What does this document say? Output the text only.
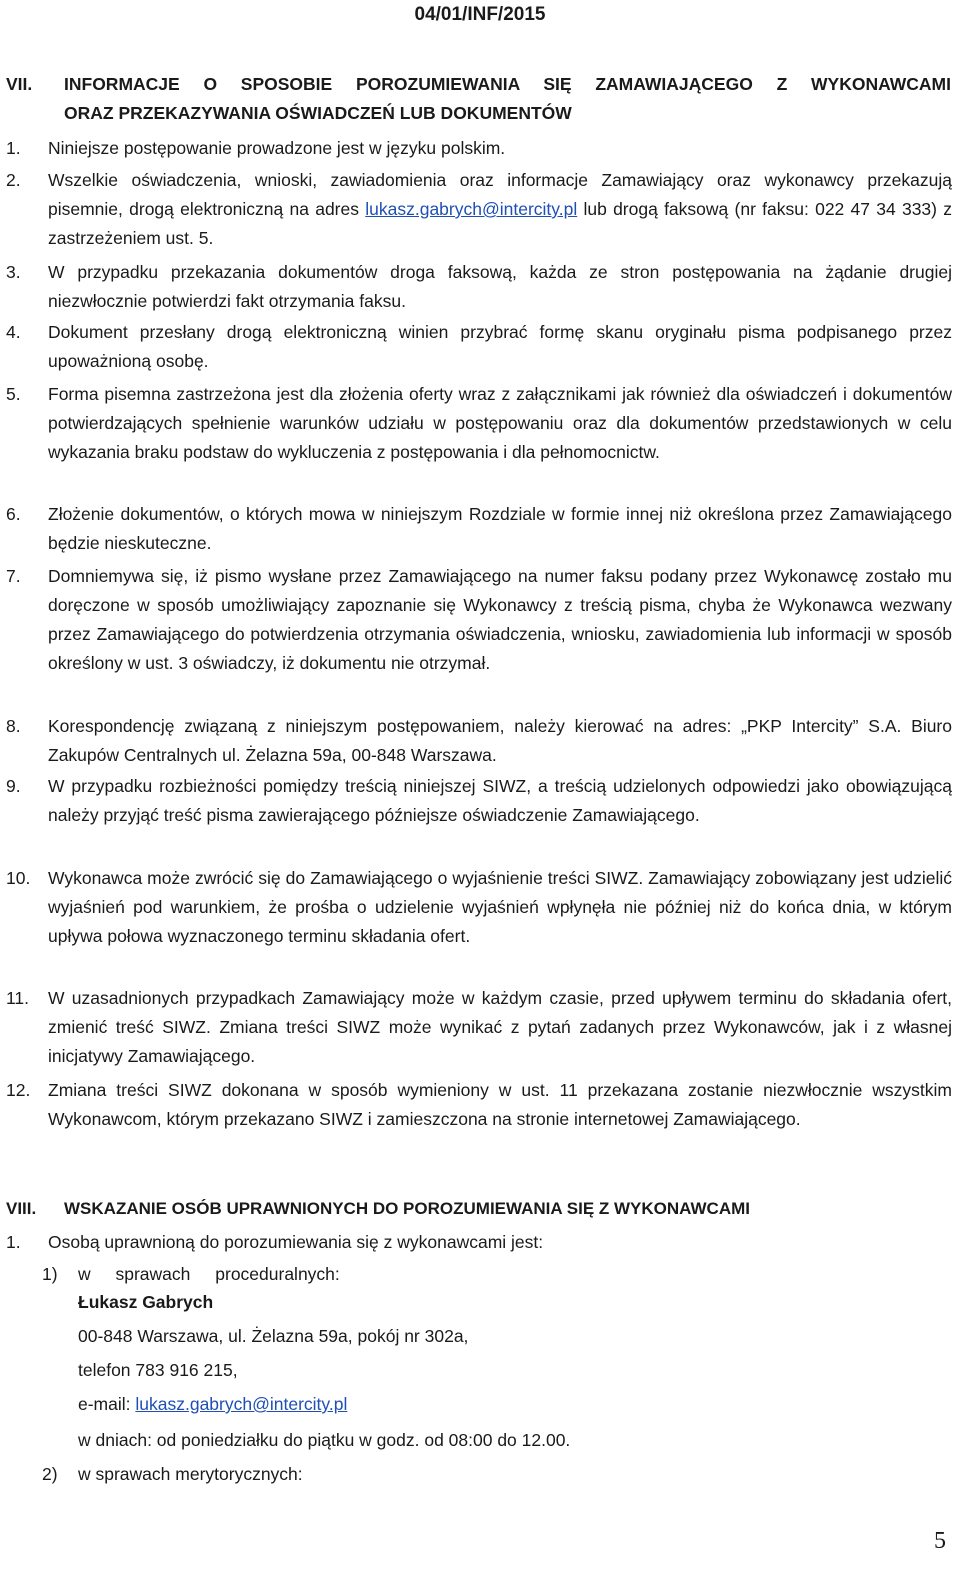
04/01/INF/2015
VII. INFORMACJE O SPOSOBIE POROZUMIEWANIA SIĘ ZAMAWIAJĄCEGO Z WYKONAWCAMI
ORAZ PRZEKAZYWANIA OŚWIADCZEŃ LUB DOKUMENTÓW
1. Niniejsze postępowanie prowadzone jest w języku polskim.
2. Wszelkie oświadczenia, wnioski, zawiadomienia oraz informacje Zamawiający oraz wykonawcy przekazują pisemnie, drogą elektroniczną na adres lukasz.gabrych@intercity.pl lub drogą faksową (nr faksu: 022 47 34 333) z zastrzeżeniem ust. 5.
3. W przypadku przekazania dokumentów droga faksową, każda ze stron postępowania na żądanie drugiej niezwłocznie potwierdzi fakt otrzymania faksu.
4. Dokument przesłany drogą elektroniczną winien przybrać formę skanu oryginału pisma podpisanego przez upoważnioną osobę.
5. Forma pisemna zastrzeżona jest dla złożenia oferty wraz z załącznikami jak również dla oświadczeń i dokumentów potwierdzających spełnienie warunków udziału w postępowaniu oraz dla dokumentów przedstawionych w celu wykazania braku podstaw do wykluczenia z postępowania i dla pełnomocnictw.
6. Złożenie dokumentów, o których mowa w niniejszym Rozdziale w formie innej niż określona przez Zamawiającego będzie nieskuteczne.
7. Domniemywa się, iż pismo wysłane przez Zamawiającego na numer faksu podany przez Wykonawcę zostało mu doręczone w sposób umożliwiający zapoznanie się Wykonawcy z treścią pisma, chyba że Wykonawca wezwany przez Zamawiającego do potwierdzenia otrzymania oświadczenia, wniosku, zawiadomienia lub informacji w sposób określony w ust. 3 oświadczy, iż dokumentu nie otrzymał.
8. Korespondencję związaną z niniejszym postępowaniem, należy kierować na adres: „PKP Intercity” S.A. Biuro Zakupów Centralnych ul. Żelazna 59a, 00-848 Warszawa.
9. W przypadku rozbieżności pomiędzy treścią niniejszej SIWZ, a treścią udzielonych odpowiedzi jako obowiązującą należy przyjąć treść pisma zawierającego późniejsze oświadczenie Zamawiającego.
10. Wykonawca może zwrócić się do Zamawiającego o wyjaśnienie treści SIWZ. Zamawiający zobowiązany jest udzielić wyjaśnień pod warunkiem, że prośba o udzielenie wyjaśnień wpłynęła nie później niż do końca dnia, w którym upływa połowa wyznaczonego terminu składania ofert.
11. W uzasadnionych przypadkach Zamawiający może w każdym czasie, przed upływem terminu do składania ofert, zmienić treść SIWZ. Zmiana treści SIWZ może wynikać z pytań zadanych przez Wykonawców, jak i z własnej inicjatywy Zamawiającego.
12. Zmiana treści SIWZ dokonana w sposób wymieniony w ust. 11 przekazana zostanie niezwłocznie wszystkim Wykonawcom, którym przekazano SIWZ i zamieszczona na stronie internetowej Zamawiającego.
VIII. WSKAZANIE OSÓB UPRAWNIONYCH DO POROZUMIEWANIA SIĘ Z WYKONAWCAMI
1. Osobą uprawnioną do porozumiewania się z wykonawcami jest:
1) w sprawach proceduralnych:
Łukasz Gabrych
00-848 Warszawa, ul. Żelazna 59a, pokój nr 302a,
telefon 783 916 215,
e-mail: lukasz.gabrych@intercity.pl
w dniach: od poniedziałku do piątku w godz. od 08:00 do 12.00.
2) w sprawach merytorycznych:
5
